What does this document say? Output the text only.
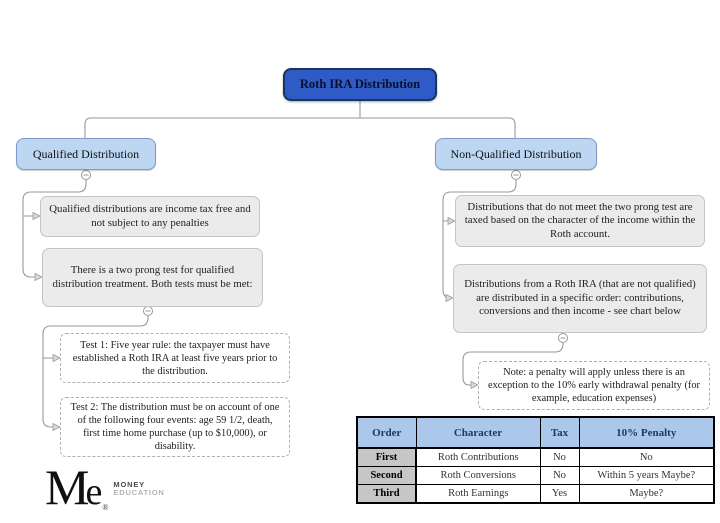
Roth IRA Distribution
Qualified Distribution	Non-Qualified Distribution
Qualified distributions are income tax free and not subject to any penalties
There is a two prong test for qualified distribution treatment. Both tests must be met:
Test 1: Five year rule: the taxpayer must have established a Roth IRA at least five years prior to the distribution.
Test 2: The distribution must be on account of one of the following four events: age 59 1/2, death, first time home purchase (up to $10,000), or disability.
Distributions that do not meet the two prong test are taxed based on the character of the income within the Roth account.
Distributions from a Roth IRA (that are not qualified) are distributed in a specific order: contributions, conversions and then income - see chart below
Note: a penalty will apply unless there is an exception to the 10% early withdrawal penalty (for example, education expenses)
Order	Character	Tax	10% Penalty
First	Roth Contributions	No	No
Second	Roth Conversions	No	Within 5 years Maybe?
Third	Roth Earnings	Yes	Maybe?
Me®
MONEY
EDUCATION
